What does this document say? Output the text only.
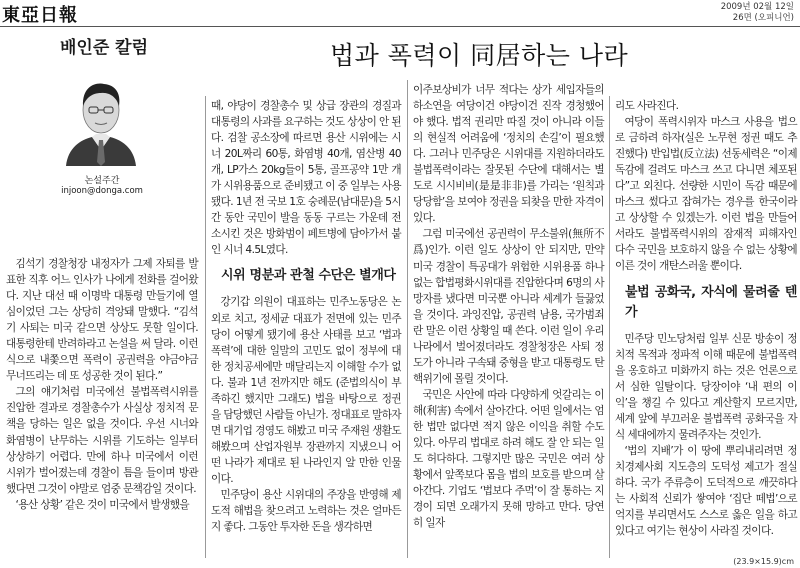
東亞日報	2009년 02월 12일
26면 (오피니언)
배인준 칼럼	법과 폭력이 同居하는 나라
논설주간
injoon@donga.com

김석기 경찰청장 내정자가 그제 자퇴를 발표한 직후 어느 인사가 나에게 전화를 걸어왔다. 지난 대선 때 이명박 대통령 만들기에 열심이었던 그는 상당히 격앙돼 말했다. “김석기 사퇴는 미국 같으면 상상도 못할 일이다. 대통령한테 반려하라고 논설을 써 달라. 이런 식으로 내쫓으면 폭력이 공권력을 야금야금 무너뜨리는 데 또 성공한 것이 된다.”

그의 얘기처럼 미국에선 불법폭력시위를 진압한 결과로 경찰총수가 사실상 정치적 문책을 당하는 일은 없을 것이다. 우선 시너와 화염병이 난무하는 시위를 기도하는 일부터 상상하기 어렵다. 만에 하나 미국에서 이런 시위가 벌어졌는데 경찰이 틈을 들이며 방관했다면 그것이 야말로 엄중 문책감일 것이다.

‘용산 상황’ 같은 것이 미국에서 발생했을

때, 야당이 경찰총수 및 상급 장관의 경질과 대통령의 사과를 요구하는 것도 상상이 안 된다. 검찰 공소장에 따르면 용산 시위에는 시너 20L짜리 60통, 화염병 40개, 염산병 40개, LP가스 20kg들이 5통, 골프공약 1만 개가 시위용품으로 준비됐고 이 중 일부는 사용됐다. 1년 전 국보 1호 숭례문(남대문)을 5시간 동안 국민이 발을 동동 구르는 가운데 전소시킨 것은 방화범이 페트병에 담아가서 붙인 시너 4.5L였다.

시위 명분과 관철 수단은 별개다

강기갑 의원이 대표하는 민주노동당은 논외로 치고, 정세균 대표가 전면에 있는 민주당이 어떻게 됐기에 용산 사태를 보고 ‘법과 폭력’에 대한 일말의 고민도 없이 정부에 대한 정치공세에만 매달리는지 이해할 수가 없다. 불과 1년 전까지만 해도 (준법의식이 부족하긴 했지만 그래도) 법을 바탕으로 정권을 담당했던 사람들 아닌가. 정대표로 말하자면 대기업 경영도 해봤고 미국 주재원 생활도 해봤으며 산업자원부 장관까지 지냈으니 어떤 나라가 제대로 된 나라인지 알 만한 인물이다.

민주당이 용산 시위대의 주장을 반영해 제도적 해법을 찾으려고 노력하는 것은 얼마든지 좋다. 그동안 투자한 돈을 생각하면

이주보상비가 너무 적다는 상가 세입자들의 하소연을 여당이건 야당이건 진작 경청했어야 했다. 법적 권리만 따질 것이 아니라 이들의 현실적 어려움에 ‘정치의 손길’이 필요했다. 그러나 민주당은 시위대를 지원하더라도 불법폭력이라는 잘못된 수단에 대해서는 별도로 시시비비(是是非非)를 가리는 ‘원칙과 당당함’을 보여야 정권을 되찾을 만한 자격이 있다.

그럼 미국에선 공권력이 무소불위(無所不爲)인가. 이런 일도 상상이 안 되지만, 만약 미국 경찰이 특공대가 위험한 시위용품 하나 없는 합법평화시위대를 진압한다며 6명의 사망자를 냈다면 미국뿐 아니라 세계가 들끓었을 것이다. 과잉진압, 공권력 남용, 국가범죄란 말은 이런 상황일 때 쓴다. 이런 일이 우리나라에서 벌어졌더라도 경찰청장은 사퇴 정도가 아니라 구속돼 중형을 받고 대통령도 탄핵위기에 몰릴 것이다.

국민은 사안에 따라 다양하게 엇갈리는 이해(利害) 속에서 살아간다. 어떤 일에서는 엄한 법만 없다면 적지 않은 이익을 취할 수도 있다. 아무리 법대로 하려 해도 잘 안 되는 일도 허다하다. 그렇지만 많은 국민은 여러 상황에서 앞쪽보다 몸을 법의 보호를 받으며 살아간다. 기업도 ‘법보다 주먹’이 잘 통하는 지경이 되면 오래가지 못해 망하고 만다. 당연히 일자

리도 사라진다.

여당이 폭력시위자 마스크 사용을 법으로 금하려 하자(실은 노무현 정권 때도 추진했다) 반입법(反立法) 선동세력은 “이제 독감에 걸려도 마스크 쓰고 다니면 체포된다”고 외친다. 선량한 시민이 독감 때문에 마스크 썼다고 잡혀가는 경우를 한국이라고 상상할 수 있겠는가. 이런 법을 만들어서라도 불법폭력시위의 잠재적 피해자인 다수 국민을 보호하지 않을 수 없는 상황에 이른 것이 개탄스러울 뿐이다.

불법 공화국, 자식에 물려줄 텐가

민주당 민노당처럼 일부 신문 방송이 정치적 목적과 정파적 이해 때문에 불법폭력을 옹호하고 미화까지 하는 것은 언론으로서 심한 일탈이다. 당장이야 ‘내 편의 이익’을 챙길 수 있다고 계산할지 모르지만, 세계 앞에 부끄러운 불법폭력 공화국을 자식 세대에까지 물려주자는 것인가.

‘법의 지배’가 이 땅에 뿌리내리려면 정치경제사회 지도층의 도덕성 제고가 절실하다. 국가 주류층이 도덕적으로 깨끗하다는 사회적 신뢰가 쌓여야 ‘집단 떼법’으로 억지를 부리면서도 스스로 옳은 일을 하고 있다고 여기는 현상이 사라질 것이다.

(23.9×15.9)cm
